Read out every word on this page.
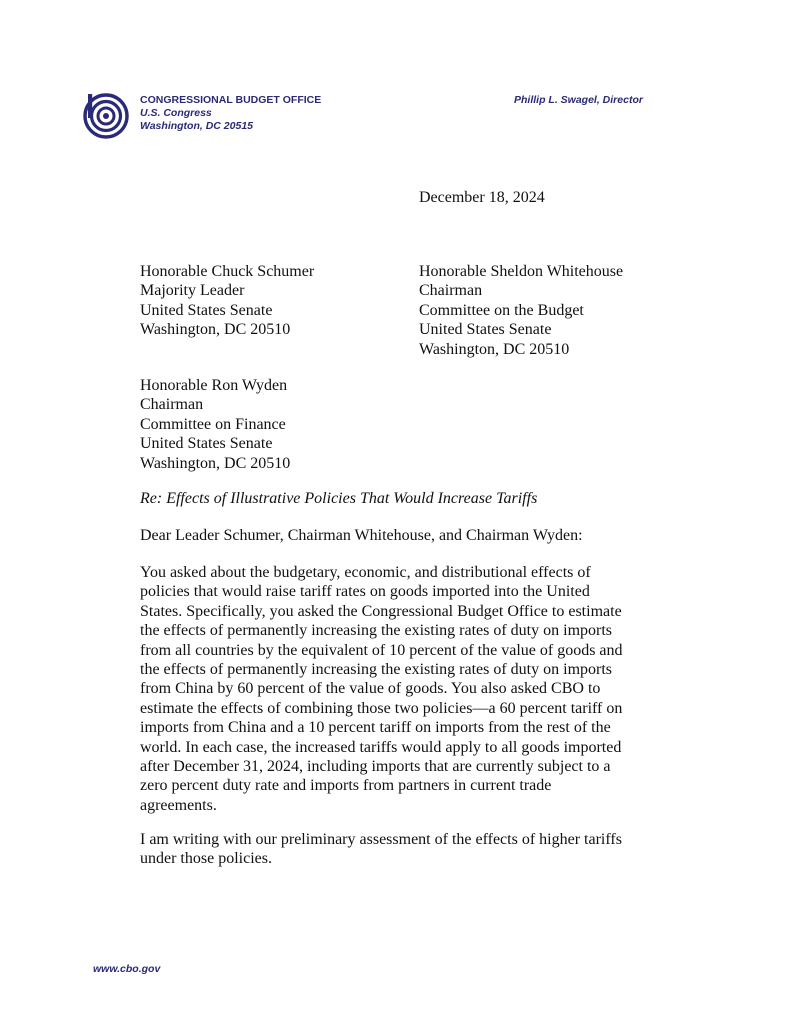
CONGRESSIONAL BUDGET OFFICE
U.S. Congress
Washington, DC 20515
Phillip L. Swagel, Director
December 18, 2024
Honorable Chuck Schumer
Majority Leader
United States Senate
Washington, DC 20510
Honorable Sheldon Whitehouse
Chairman
Committee on the Budget
United States Senate
Washington, DC 20510
Honorable Ron Wyden
Chairman
Committee on Finance
United States Senate
Washington, DC 20510
Re: Effects of Illustrative Policies That Would Increase Tariffs
Dear Leader Schumer, Chairman Whitehouse, and Chairman Wyden:
You asked about the budgetary, economic, and distributional effects of
policies that would raise tariff rates on goods imported into the United
States. Specifically, you asked the Congressional Budget Office to estimate
the effects of permanently increasing the existing rates of duty on imports
from all countries by the equivalent of 10 percent of the value of goods and
the effects of permanently increasing the existing rates of duty on imports
from China by 60 percent of the value of goods. You also asked CBO to
estimate the effects of combining those two policies—a 60 percent tariff on
imports from China and a 10 percent tariff on imports from the rest of the
world. In each case, the increased tariffs would apply to all goods imported
after December 31, 2024, including imports that are currently subject to a
zero percent duty rate and imports from partners in current trade
agreements.
I am writing with our preliminary assessment of the effects of higher tariffs
under those policies.
www.cbo.gov
